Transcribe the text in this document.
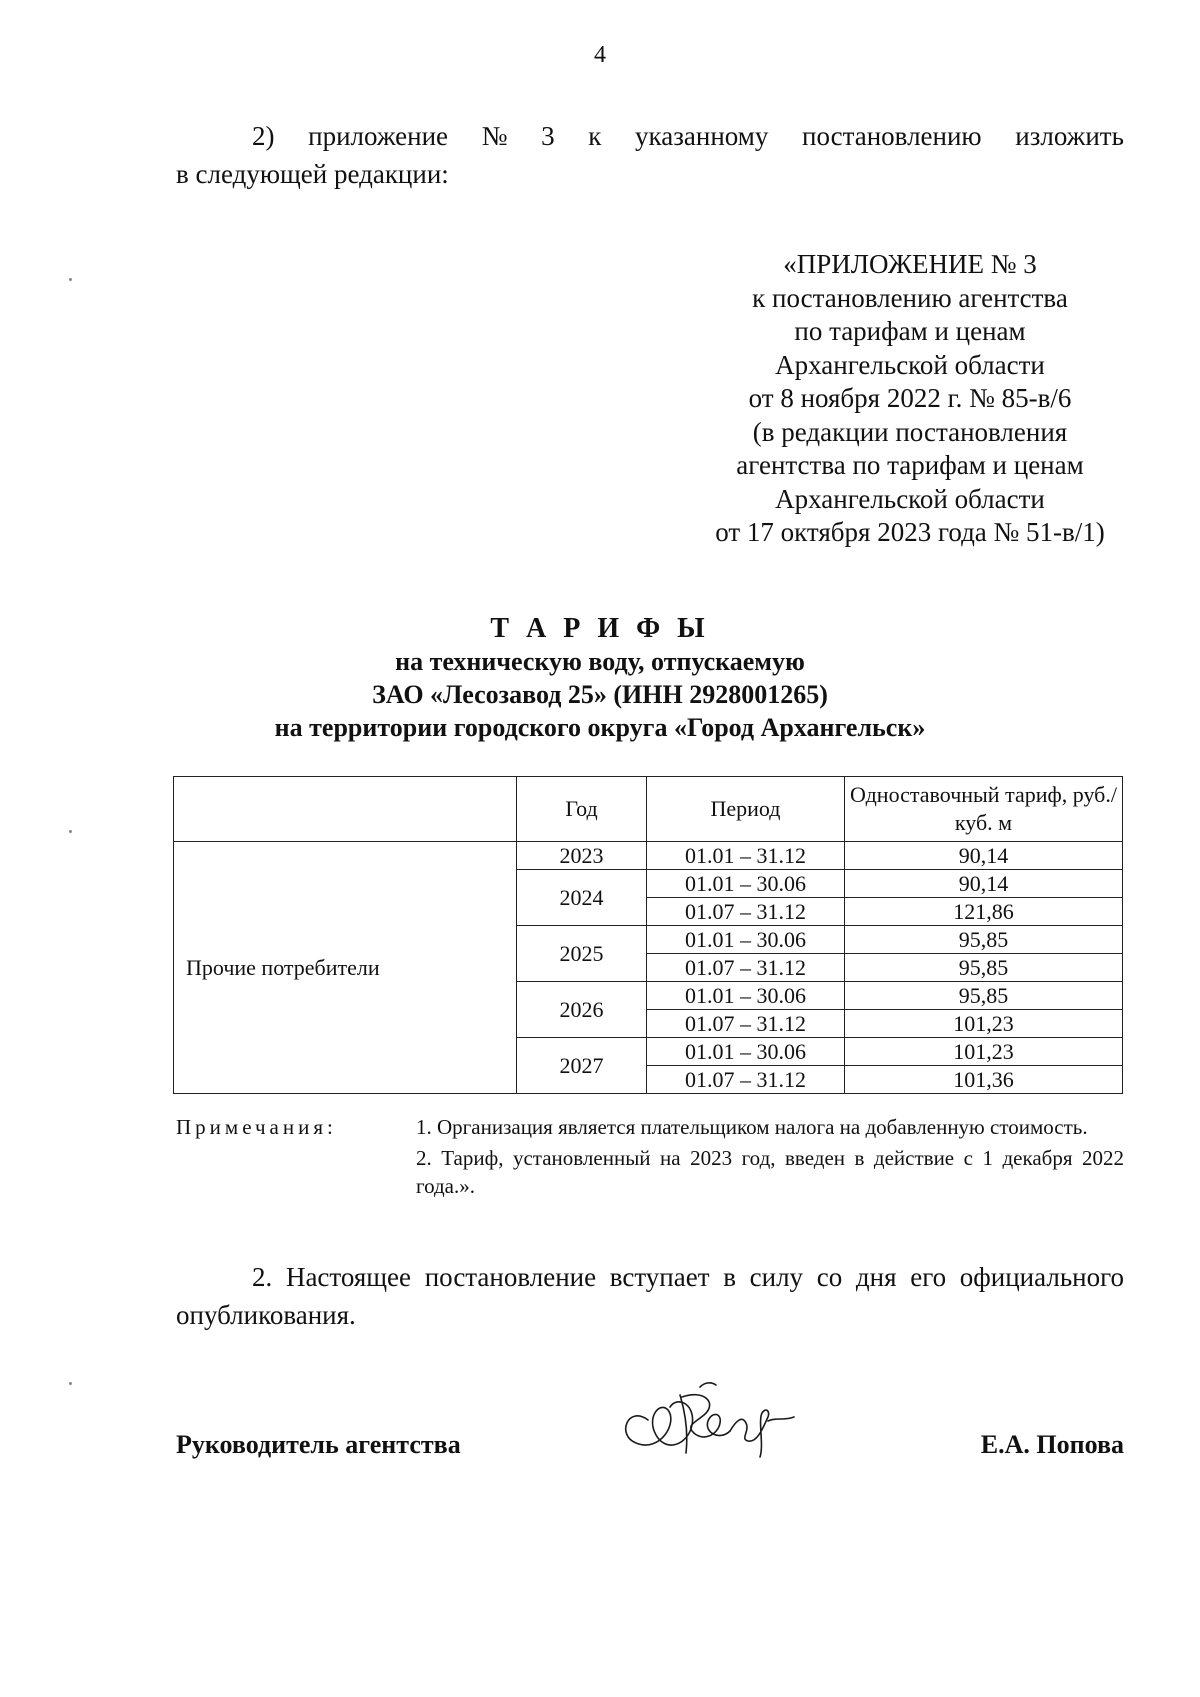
4
2) приложение № 3 к указанному постановлению изложить
в следующей редакции:
«ПРИЛОЖЕНИЕ № 3
к постановлению агентства
по тарифам и ценам
Архангельской области
от 8 ноября 2022 г. № 85-в/6
(в редакции постановления
агентства по тарифам и ценам
Архангельской области
от 17 октября 2023 года № 51-в/1)
Т А Р И Ф Ы
на техническую воду, отпускаемую
ЗАО «Лесозавод 25» (ИНН 2928001265)
на территории городского округа «Город Архангельск»
	Год	Период	Одноставочный тариф, руб./куб. м
Прочие потребители	2023	01.01 – 31.12	90,14
	2024	01.01 – 30.06	90,14
		01.07 – 31.12	121,86
	2025	01.01 – 30.06	95,85
		01.07 – 31.12	95,85
	2026	01.01 – 30.06	95,85
		01.07 – 31.12	101,23
	2027	01.01 – 30.06	101,23
		01.07 – 31.12	101,36
Примечания:	1. Организация является плательщиком налога на добавленную стоимость.
2. Тариф, установленный на 2023 год, введен в действие с 1 декабря 2022 года.».
2. Настоящее постановление вступает в силу со дня его официального опубликования.
Руководитель агентства	Е.А. Попова
